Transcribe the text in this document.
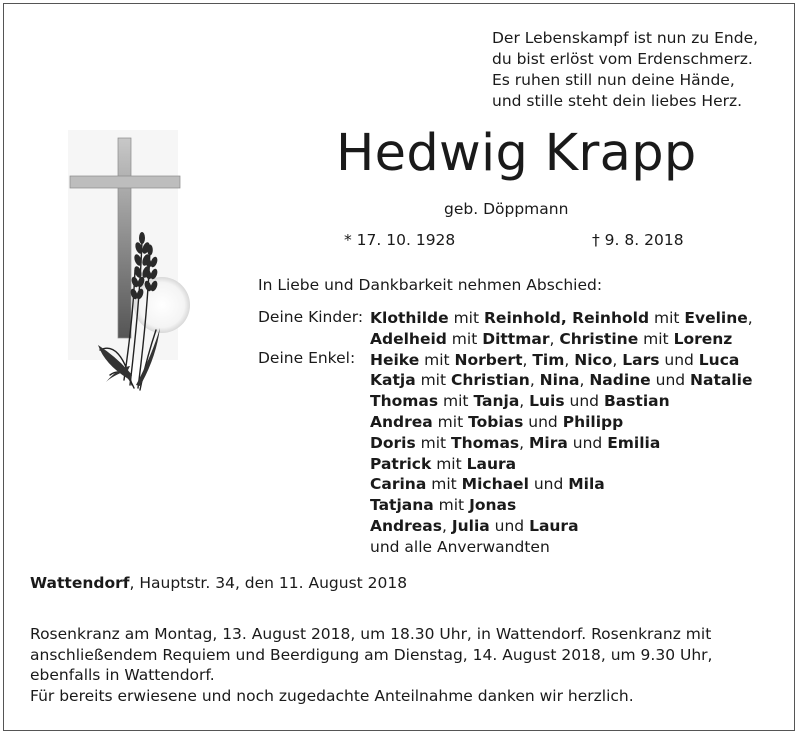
Der Lebenskampf ist nun zu Ende,
du bist erlöst vom Erdenschmerz.
Es ruhen still nun deine Hände,
und stille steht dein liebes Herz.
Hedwig Krapp
geb. Döppmann
* 17. 10. 1928	† 9. 8. 2018
In Liebe und Dankbarkeit nehmen Abschied:
Deine Kinder:
Deine Enkel:
Klothilde mit Reinhold, Reinhold mit Eveline,
Adelheid mit Dittmar, Christine mit Lorenz
Heike mit Norbert, Tim, Nico, Lars und Luca
Katja mit Christian, Nina, Nadine und Natalie
Thomas mit Tanja, Luis und Bastian
Andrea mit Tobias und Philipp
Doris mit Thomas, Mira und Emilia
Patrick mit Laura
Carina mit Michael und Mila
Tatjana mit Jonas
Andreas, Julia und Laura
und alle Anverwandten
Wattendorf, Hauptstr. 34, den 11. August 2018
Rosenkranz am Montag, 13. August 2018, um 18.30 Uhr, in Wattendorf. Rosenkranz mit
anschließendem Requiem und Beerdigung am Dienstag, 14. August 2018, um 9.30 Uhr,
ebenfalls in Wattendorf.
Für bereits erwiesene und noch zugedachte Anteilnahme danken wir herzlich.
